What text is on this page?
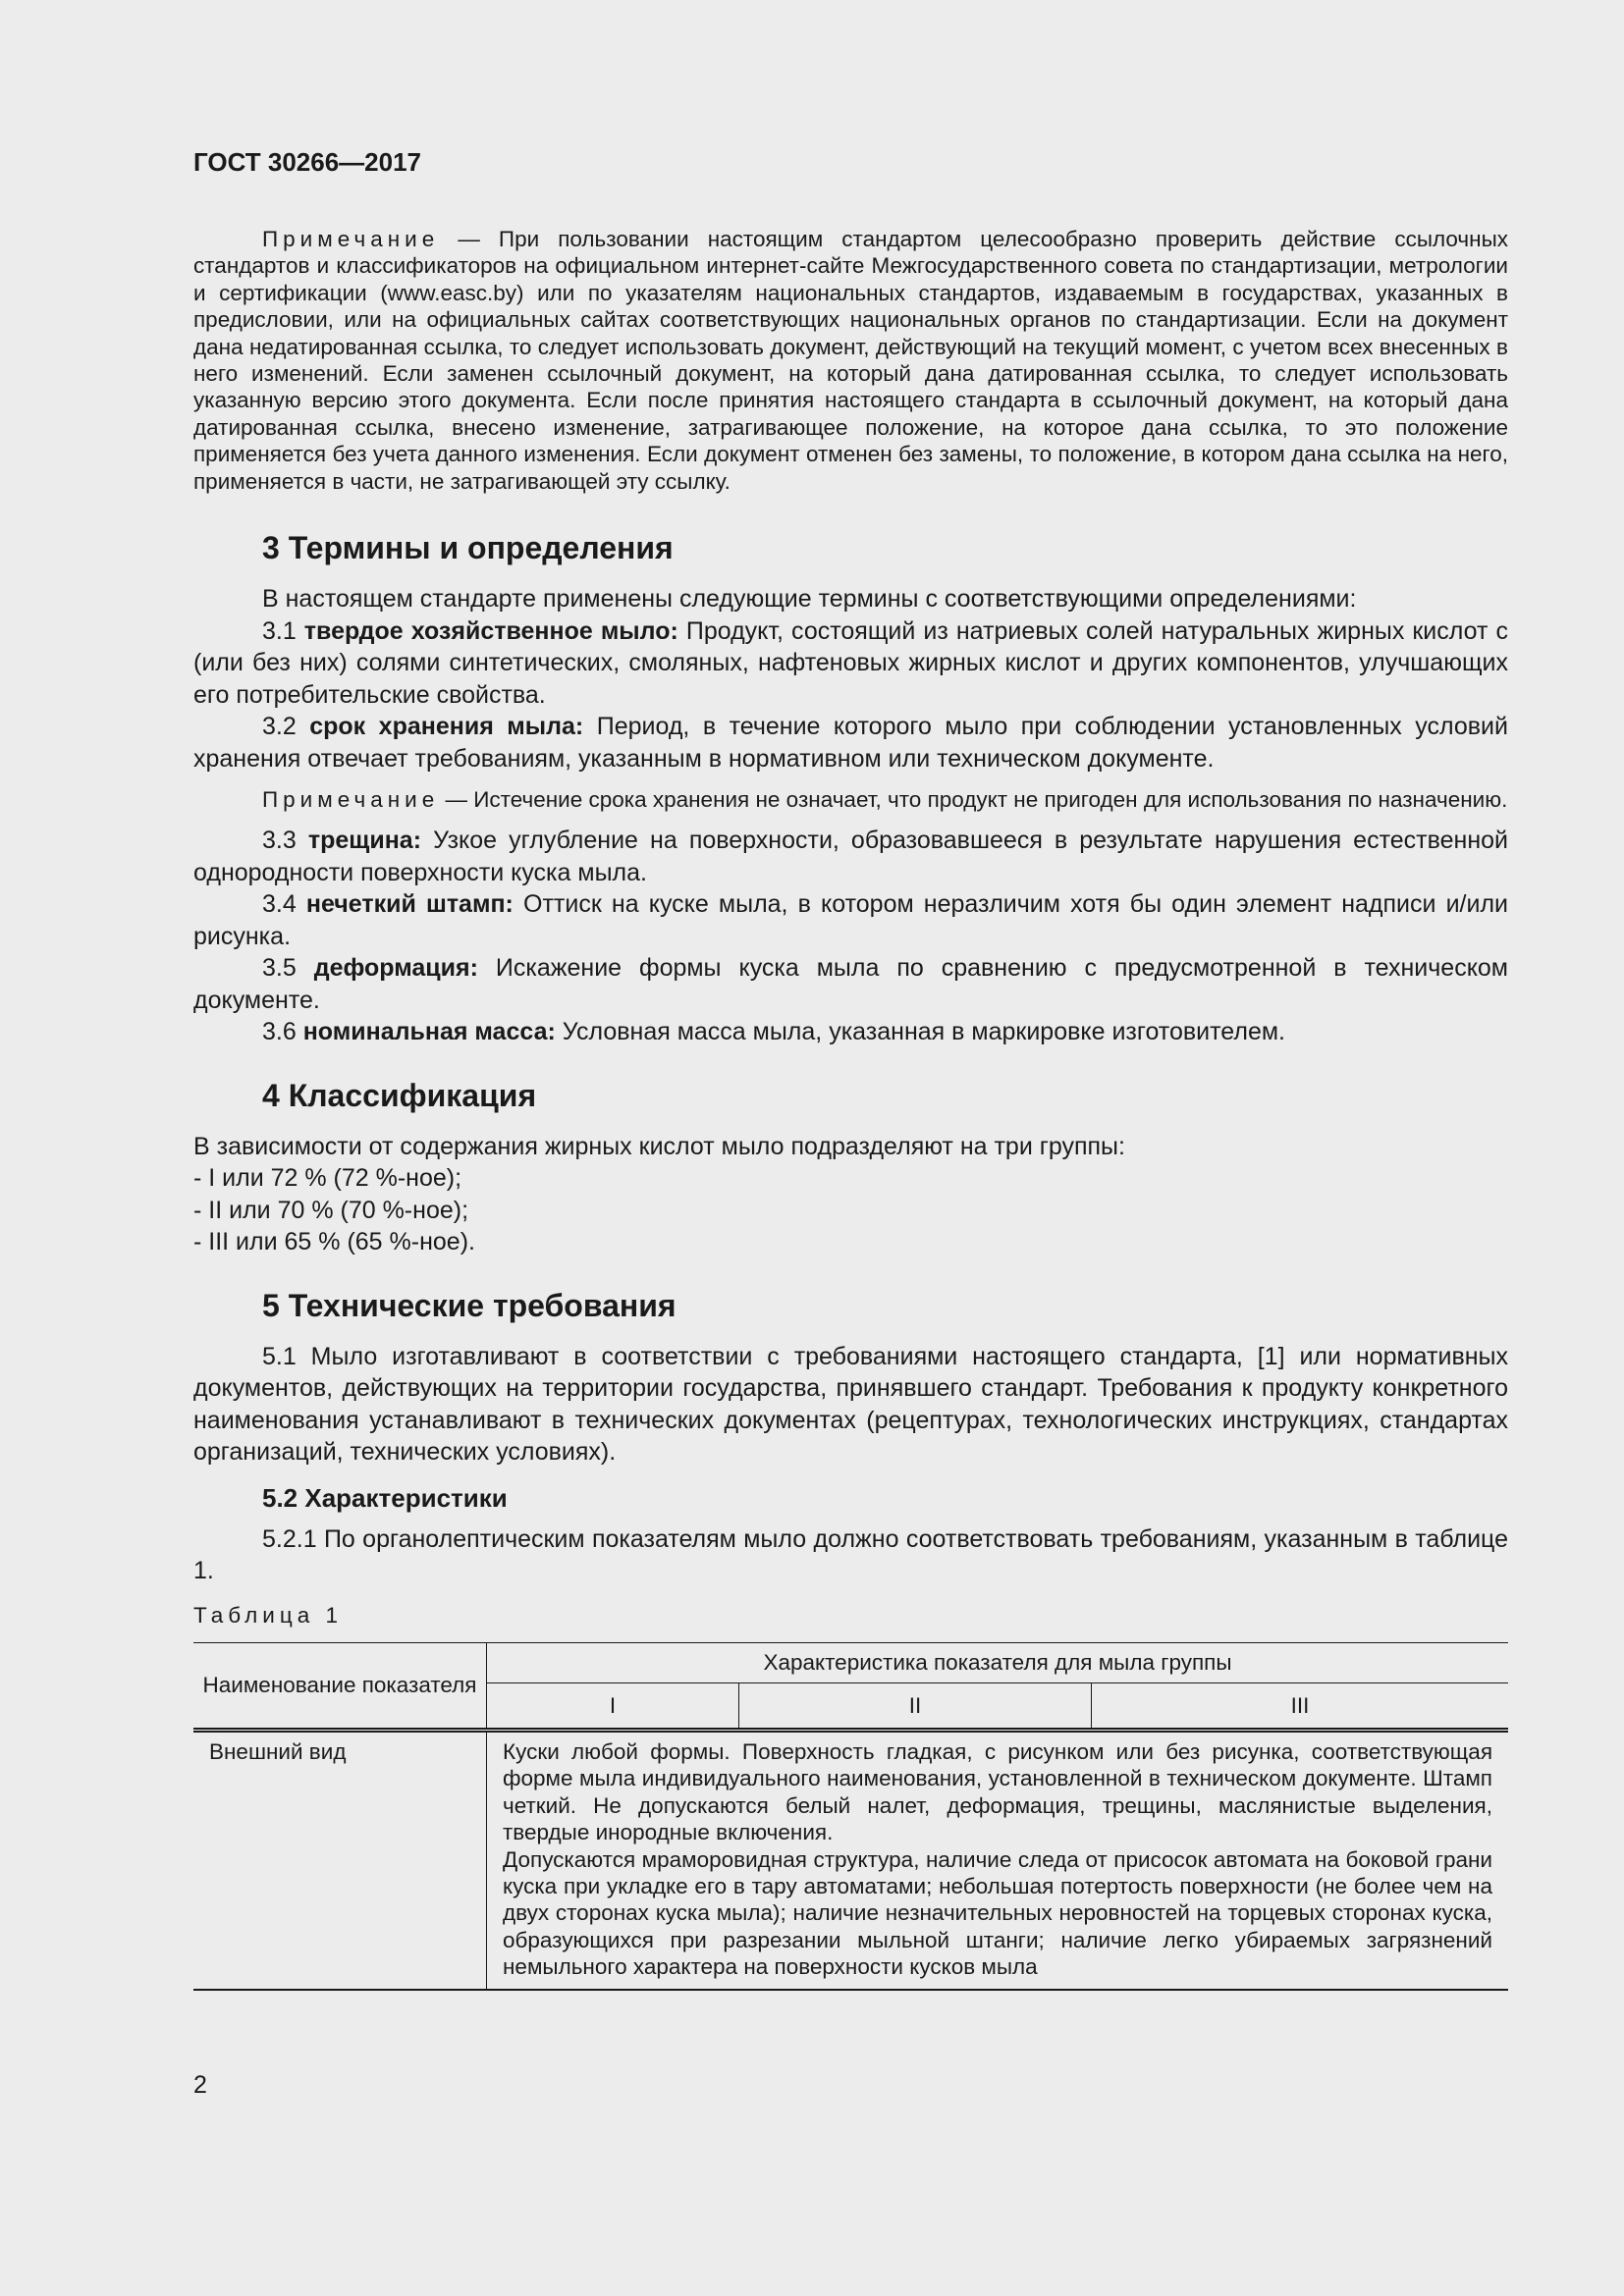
ГОСТ 30266—2017

Примечание — При пользовании настоящим стандартом целесообразно проверить действие ссылочных стандартов и классификаторов на официальном интернет-сайте Межгосударственного совета по стандартизации, метрологии и сертификации (www.easc.by) или по указателям национальных стандартов, издаваемым в государствах, указанных в предисловии, или на официальных сайтах соответствующих национальных органов по стандартизации. Если на документ дана недатированная ссылка, то следует использовать документ, действующий на текущий момент, с учетом всех внесенных в него изменений. Если заменен ссылочный документ, на который дана датированная ссылка, то следует использовать указанную версию этого документа. Если после принятия настоящего стандарта в ссылочный документ, на который дана датированная ссылка, внесено изменение, затрагивающее положение, на которое дана ссылка, то это положение применяется без учета данного изменения. Если документ отменен без замены, то положение, в котором дана ссылка на него, применяется в части, не затрагивающей эту ссылку.

3 Термины и определения

В настоящем стандарте применены следующие термины с соответствующими определениями:

3.1 твердое хозяйственное мыло: Продукт, состоящий из натриевых солей натуральных жирных кислот с (или без них) солями синтетических, смоляных, нафтеновых жирных кислот и других компонентов, улучшающих его потребительские свойства.

3.2 срок хранения мыла: Период, в течение которого мыло при соблюдении установленных условий хранения отвечает требованиям, указанным в нормативном или техническом документе.

Примечание — Истечение срока хранения не означает, что продукт не пригоден для использования по назначению.

3.3 трещина: Узкое углубление на поверхности, образовавшееся в результате нарушения естественной однородности поверхности куска мыла.

3.4 нечеткий штамп: Оттиск на куске мыла, в котором неразличим хотя бы один элемент надписи и/или рисунка.

3.5 деформация: Искажение формы куска мыла по сравнению с предусмотренной в техническом документе.

3.6 номинальная масса: Условная масса мыла, указанная в маркировке изготовителем.

4 Классификация

В зависимости от содержания жирных кислот мыло подразделяют на три группы:

- I или 72 % (72 %-ное);

- II или 70 % (70 %-ное);

- III или 65 % (65 %-ное).

5 Технические требования

5.1 Мыло изготавливают в соответствии с требованиями настоящего стандарта, [1] или нормативных документов, действующих на территории государства, принявшего стандарт. Требования к продукту конкретного наименования устанавливают в технических документах (рецептурах, технологических инструкциях, стандартах организаций, технических условиях).

5.2 Характеристики

5.2.1 По органолептическим показателям мыло должно соответствовать требованиям, указанным в таблице 1.

Таблица 1
Наименование показателя	Характеристика показателя для мыла группы		
	I	II	III
Внешний вид	Куски любой формы. Поверхность гладкая, с рисунком или без рисунка, соответствующая форме мыла индивидуального наименования, установленной в техническом документе. Штамп четкий. Не допускаются белый налет, деформация, трещины, маслянистые выделения, твердые инородные включения.
Допускаются мраморовидная структура, наличие следа от присосок автомата на боковой грани куска при укладке его в тару автоматами; небольшая потертость поверхности (не более чем на двух сторонах куска мыла); наличие незначительных неровностей на торцевых сторонах куска, образующихся при разрезании мыльной штанги; наличие легко убираемых загрязнений немыльного характера на поверхности кусков мыла		
2
